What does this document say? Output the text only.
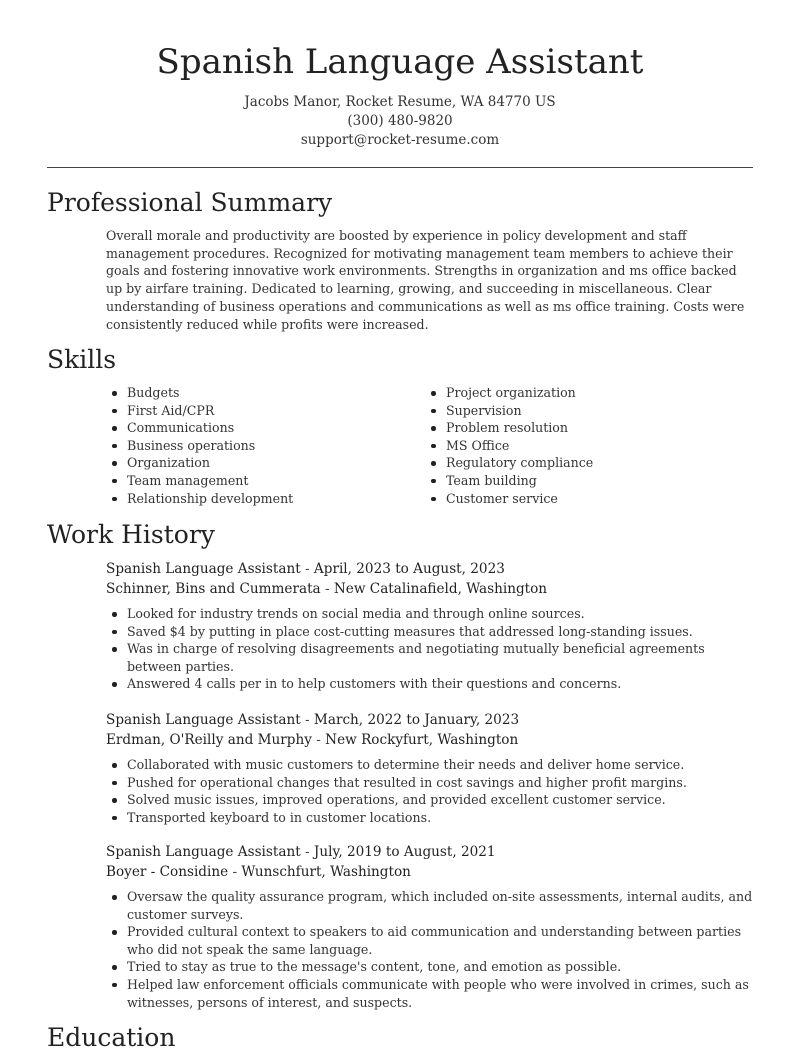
Spanish Language Assistant
Jacobs Manor, Rocket Resume, WA 84770 US
(300) 480-9820
support@rocket-resume.com
Professional Summary

Overall morale and productivity are boosted by experience in policy development and staff management procedures. Recognized for motivating management team members to achieve their goals and fostering innovative work environments. Strengths in organization and ms office backed up by airfare training. Dedicated to learning, growing, and succeeding in miscellaneous. Clear understanding of business operations and communications as well as ms office training. Costs were consistently reduced while profits were increased.

Skills
Budgets
First Aid/CPR
Communications
Business operations
Organization
Team management
Relationship development
Project organization
Supervision
Problem resolution
MS Office
Regulatory compliance
Team building
Customer service
Work History
Spanish Language Assistant - April, 2023 to August, 2023
Schinner, Bins and Cummerata - New Catalinafield, Washington
Looked for industry trends on social media and through online sources.
Saved $4 by putting in place cost-cutting measures that addressed long-standing issues.
Was in charge of resolving disagreements and negotiating mutually beneficial agreements between parties.
Answered 4 calls per in to help customers with their questions and concerns.
Spanish Language Assistant - March, 2022 to January, 2023
Erdman, O'Reilly and Murphy - New Rockyfurt, Washington
Collaborated with music customers to determine their needs and deliver home service.
Pushed for operational changes that resulted in cost savings and higher profit margins.
Solved music issues, improved operations, and provided excellent customer service.
Transported keyboard to in customer locations.
Spanish Language Assistant - July, 2019 to August, 2021
Boyer - Considine - Wunschfurt, Washington
Oversaw the quality assurance program, which included on-site assessments, internal audits, and customer surveys.
Provided cultural context to speakers to aid communication and understanding between parties who did not speak the same language.
Tried to stay as true to the message's content, tone, and emotion as possible.
Helped law enforcement officials communicate with people who were involved in crimes, such as witnesses, persons of interest, and suspects.
Education
